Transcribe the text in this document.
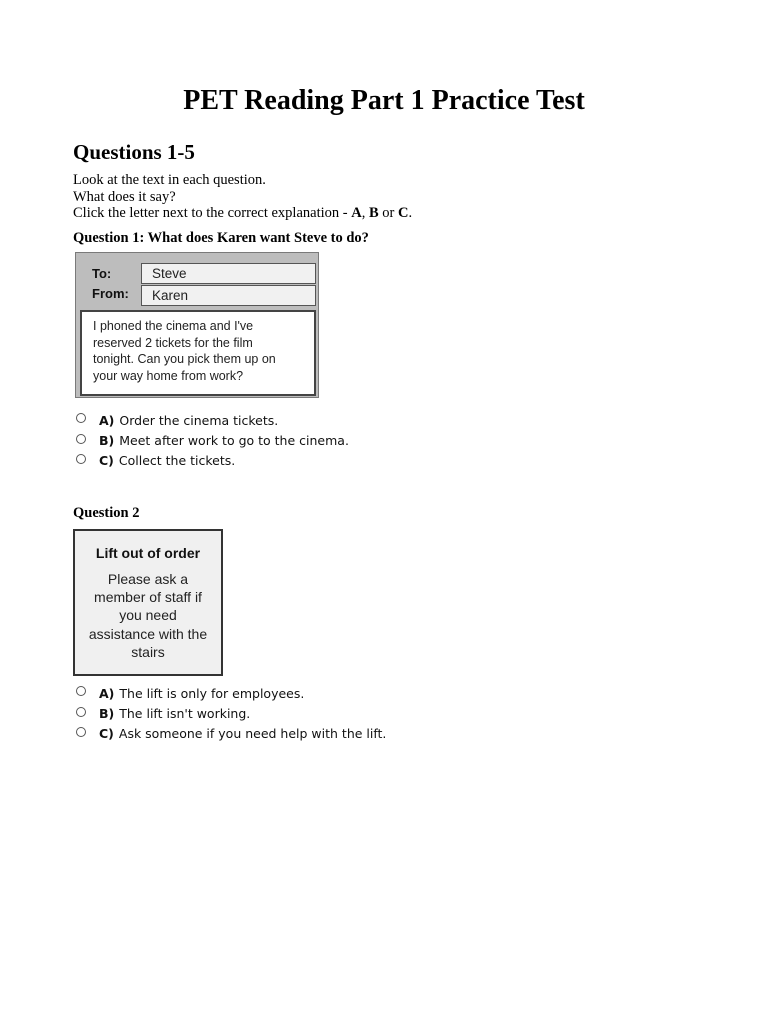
PET Reading Part 1 Practice Test
Questions 1-5
Look at the text in each question.
What does it say?
Click the letter next to the correct explanation - A, B or C.
Question 1: What does Karen want Steve to do?
To:	Steve
From:	Karen
I phoned the cinema and I've
reserved 2 tickets for the film
tonight. Can you pick them up on
your way home from work?
A) Order the cinema tickets.
B) Meet after work to go to the cinema.
C) Collect the tickets.
Question 2
Lift out of order
Please ask a
member of staff if
you need
assistance with the
stairs
A) The lift is only for employees.
B) The lift isn't working.
C) Ask someone if you need help with the lift.
